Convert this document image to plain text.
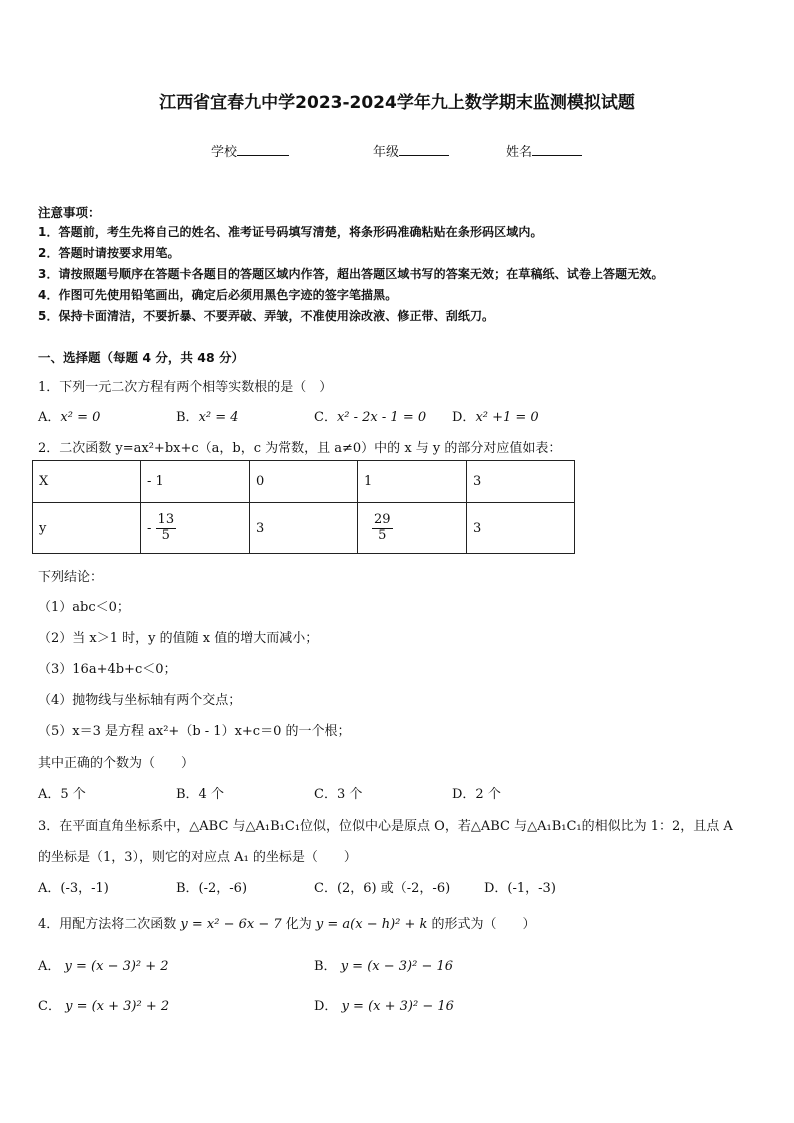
江西省宜春九中学2023-2024学年九上数学期末监测模拟试题
学校	年级	姓名
注意事项：
1．答题前，考生先将自己的姓名、准考证号码填写清楚，将条形码准确粘贴在条形码区域内。
2．答题时请按要求用笔。
3．请按照题号顺序在答题卡各题目的答题区域内作答，超出答题区域书写的答案无效；在草稿纸、试卷上答题无效。
4．作图可先使用铅笔画出，确定后必须用黑色字迹的签字笔描黑。
5．保持卡面清洁，不要折暴、不要弄破、弄皱，不准使用涂改液、修正带、刮纸刀。
一、选择题（每题 4 分，共 48 分）
1．下列一元二次方程有两个相等实数根的是（　）
A．x² = 0	B．x² = 4	C．x² - 2x - 1 = 0 D．x² +1 = 0
2．二次函数 y=ax²+bx+c（a，b，c 为常数，且 a≠0）中的 x 与 y 的部分对应值如表：
X	- 1	0	1	3
y	- $\frac{13}{5}$	3	$\frac{29}{5}$	3
下列结论：
（1）abc＜0；
（2）当 x＞1 时，y 的值随 x 值的增大而减小；
（3）16a+4b+c＜0；
（4）抛物线与坐标轴有两个交点；
（5）x＝3 是方程 ax²+（b - 1）x+c＝0 的一个根；
其中正确的个数为（　　）
A．5 个	B．4 个	C．3 个	D．2 个
3．在平面直角坐标系中，△ABC 与△A₁B₁C₁位似，位似中心是原点 O，若△ABC 与△A₁B₁C₁的相似比为 1：2，且点 A
的坐标是（1，3），则它的对应点 A₁ 的坐标是（　　）
A．(-3，-1)	B．(-2，-6)	C．(2，6) 或（-2，-6)	D．(-1，-3)
4．用配方法将二次函数 y = x² − 6x − 7 化为 y = a(x − h)² + k 的形式为（　　）
A． y = (x − 3)² + 2	B． y = (x − 3)² − 16
C． y = (x + 3)² + 2	D． y = (x + 3)² − 16
